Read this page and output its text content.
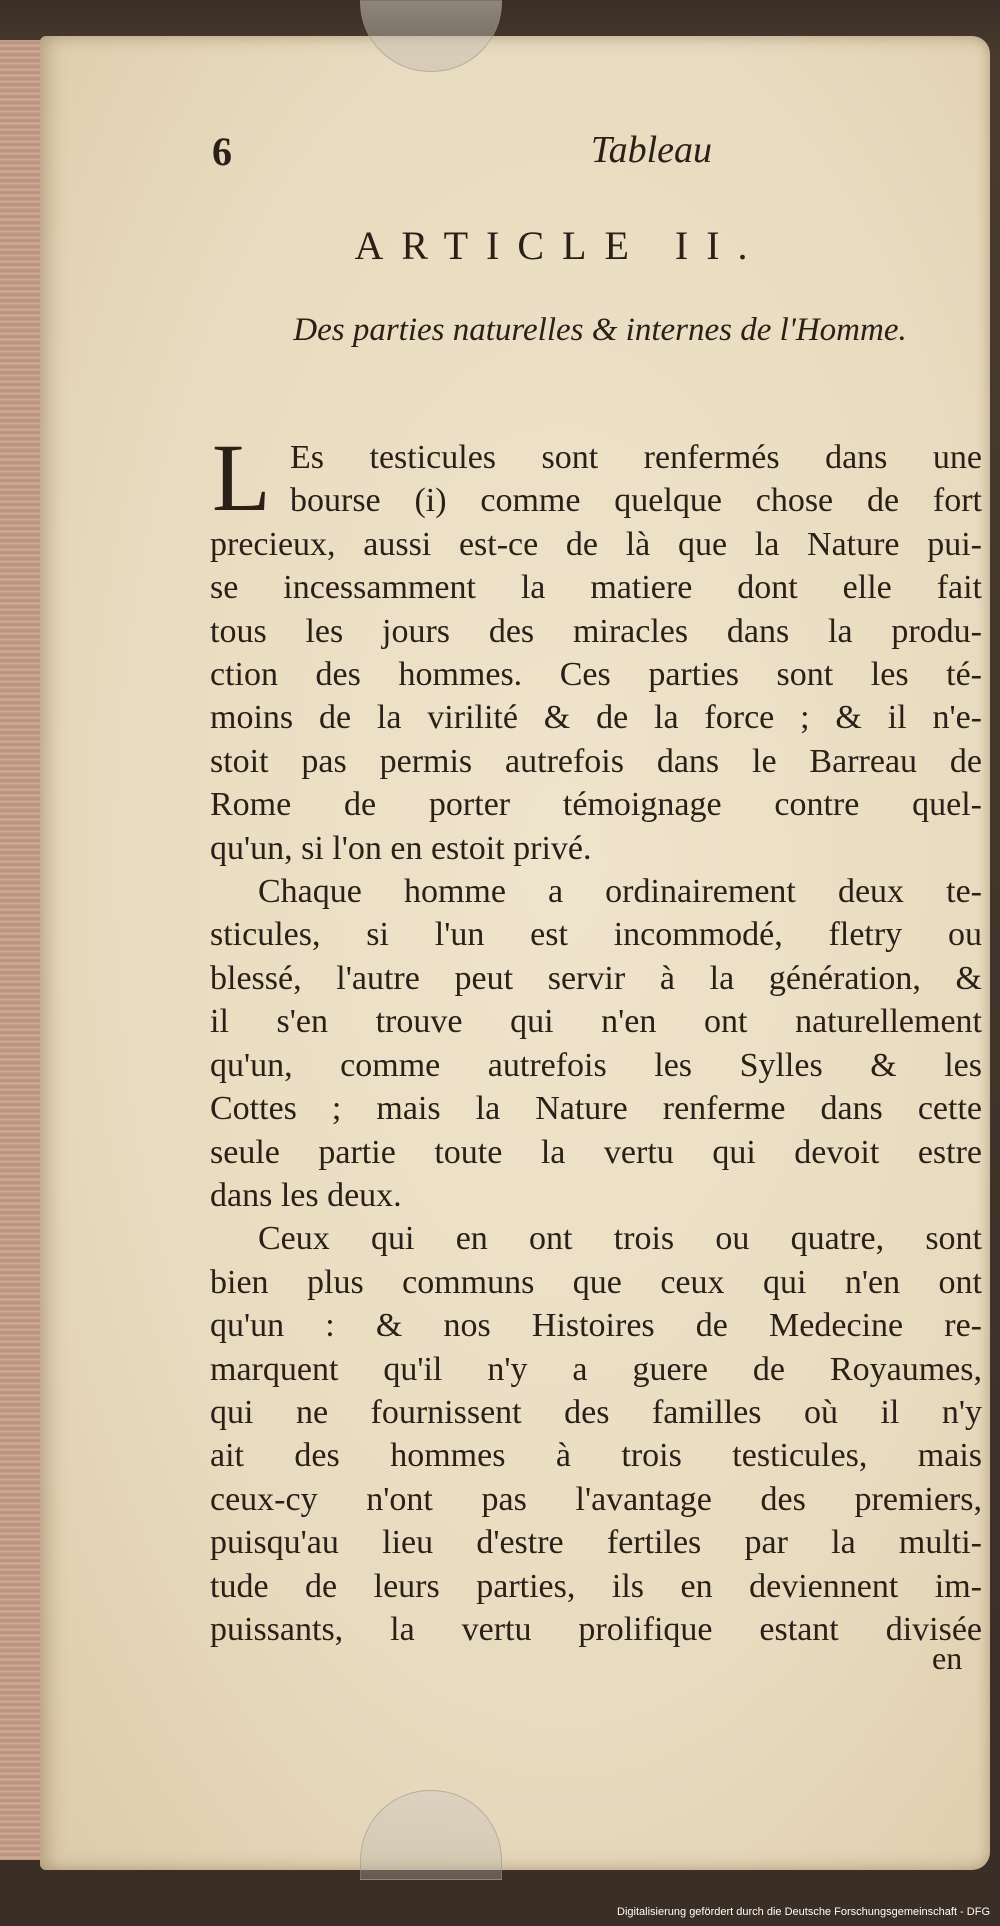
6	Tableau
ARTICLE II.
Des parties naturelles & internes de l'Homme.
L Es testicules sont renfermés dans une
bourse (i) comme quelque chose de fort
precieux, aussi est-ce de là que la Nature pui-
se incessamment la matiere dont elle fait
tous les jours des miracles dans la produ-
ction des hommes. Ces parties sont les té-
moins de la virilité & de la force ; & il n'e-
stoit pas permis autrefois dans le Barreau de
Rome de porter témoignage contre quel-
qu'un, si l'on en estoit privé.
Chaque homme a ordinairement deux te-
sticules, si l'un est incommodé, fletry ou
blessé, l'autre peut servir à la génération, &
il s'en trouve qui n'en ont naturellement
qu'un, comme autrefois les Sylles & les
Cottes ; mais la Nature renferme dans cette
seule partie toute la vertu qui devoit estre
dans les deux.
Ceux qui en ont trois ou quatre, sont
bien plus communs que ceux qui n'en ont
qu'un : & nos Histoires de Medecine re-
marquent qu'il n'y a guere de Royaumes,
qui ne fournissent des familles où il n'y
ait des hommes à trois testicules, mais
ceux-cy n'ont pas l'avantage des premiers,
puisqu'au lieu d'estre fertiles par la multi-
tude de leurs parties, ils en deviennent im-
puissants, la vertu prolifique estant divisée
en
Digitalisierung gefördert durch die Deutsche Forschungsgemeinschaft - DFG
